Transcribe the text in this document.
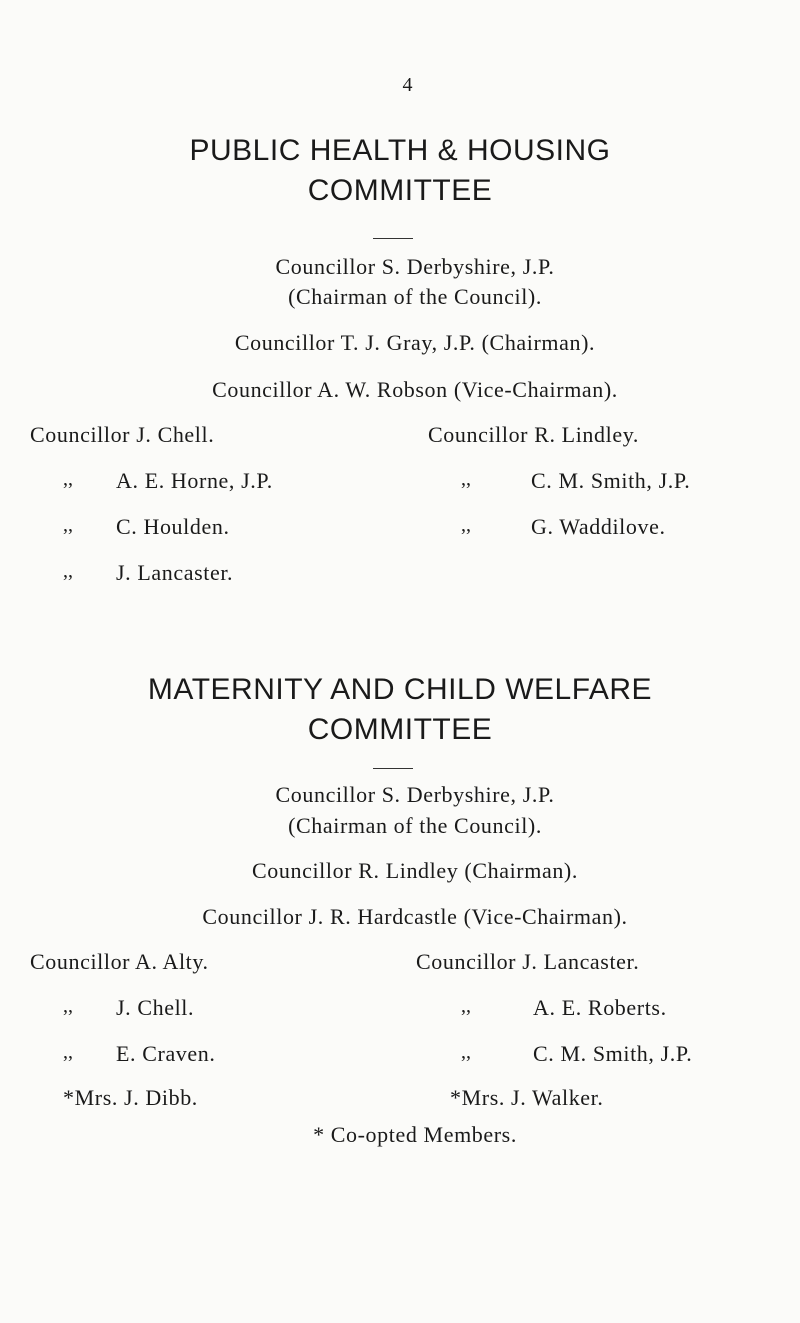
4
PUBLIC HEALTH & HOUSING
COMMITTEE
Councillor S. Derbyshire, J.P.
(Chairman of the Council).
Councillor T. J. Gray, J.P. (Chairman).
Councillor A. W. Robson (Vice-Chairman).
Councillor J. Chell.	Councillor R. Lindley.
,, A. E. Horne, J.P.	,,	C. M. Smith, J.P.
,, C. Houlden.	,,	G. Waddilove.
,, J. Lancaster.
MATERNITY AND CHILD WELFARE
COMMITTEE
Councillor S. Derbyshire, J.P.
(Chairman of the Council).
Councillor R. Lindley (Chairman).
Councillor J. R. Hardcastle (Vice-Chairman).
Councillor A. Alty.	Councillor J. Lancaster.
,, J. Chell.	,,	A. E. Roberts.
,, E. Craven.	,,	C. M. Smith, J.P.
*Mrs. J. Dibb.	*Mrs. J. Walker.
* Co-opted Members.
